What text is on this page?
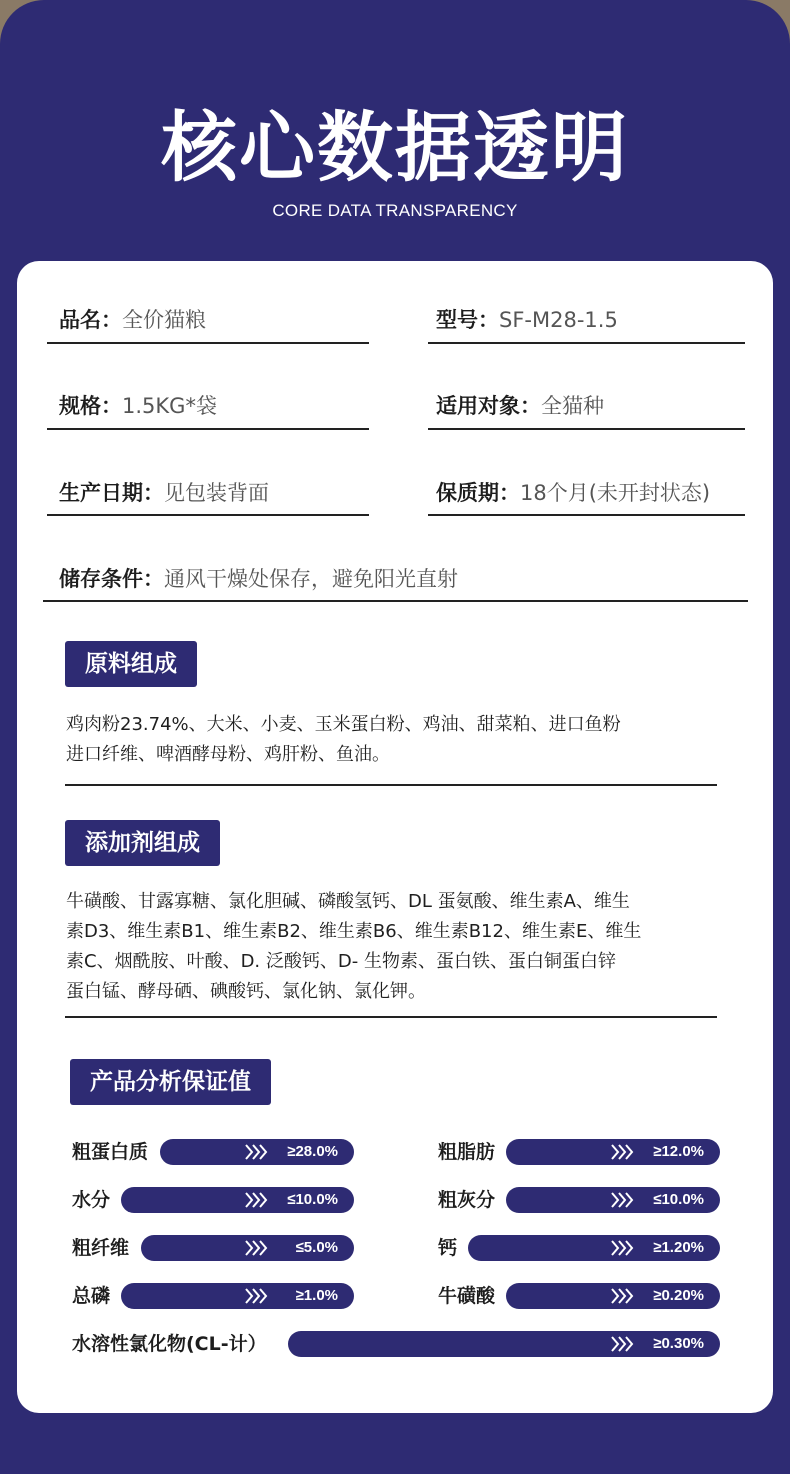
核心数据透明
CORE DATA TRANSPARENCY
品名：全价猫粮	型号：SF-M28-1.5
规格：1.5KG*袋	适用对象：全猫种
生产日期：见包装背面	保质期：18个月(未开封状态)
储存条件：通风干燥处保存，避免阳光直射
原料组成

鸡肉粉23.74%、大米、小麦、玉米蛋白粉、鸡油、甜菜粕、进口鱼粉

进口纤维、啤酒酵母粉、鸡肝粉、鱼油。

添加剂组成

牛磺酸、甘露寡糖、氯化胆碱、磷酸氢钙、DL 蛋氨酸、维生素A、维生

素D3、维生素B1、维生素B2、维生素B6、维生素B12、维生素E、维生

素C、烟酰胺、叶酸、D. 泛酸钙、D- 生物素、蛋白铁、蛋白铜蛋白锌

蛋白锰、酵母硒、碘酸钙、氯化钠、氯化钾。

产品分析保证值
粗蛋白质	≥28.0%	粗脂肪	≥12.0%
水分	≤10.0%	粗灰分	≤10.0%
粗纤维	≤5.0%	钙	≥1.20%
总磷	≥1.0%	牛磺酸	≥0.20%
水溶性氯化物(CL-计）	≥0.30%
